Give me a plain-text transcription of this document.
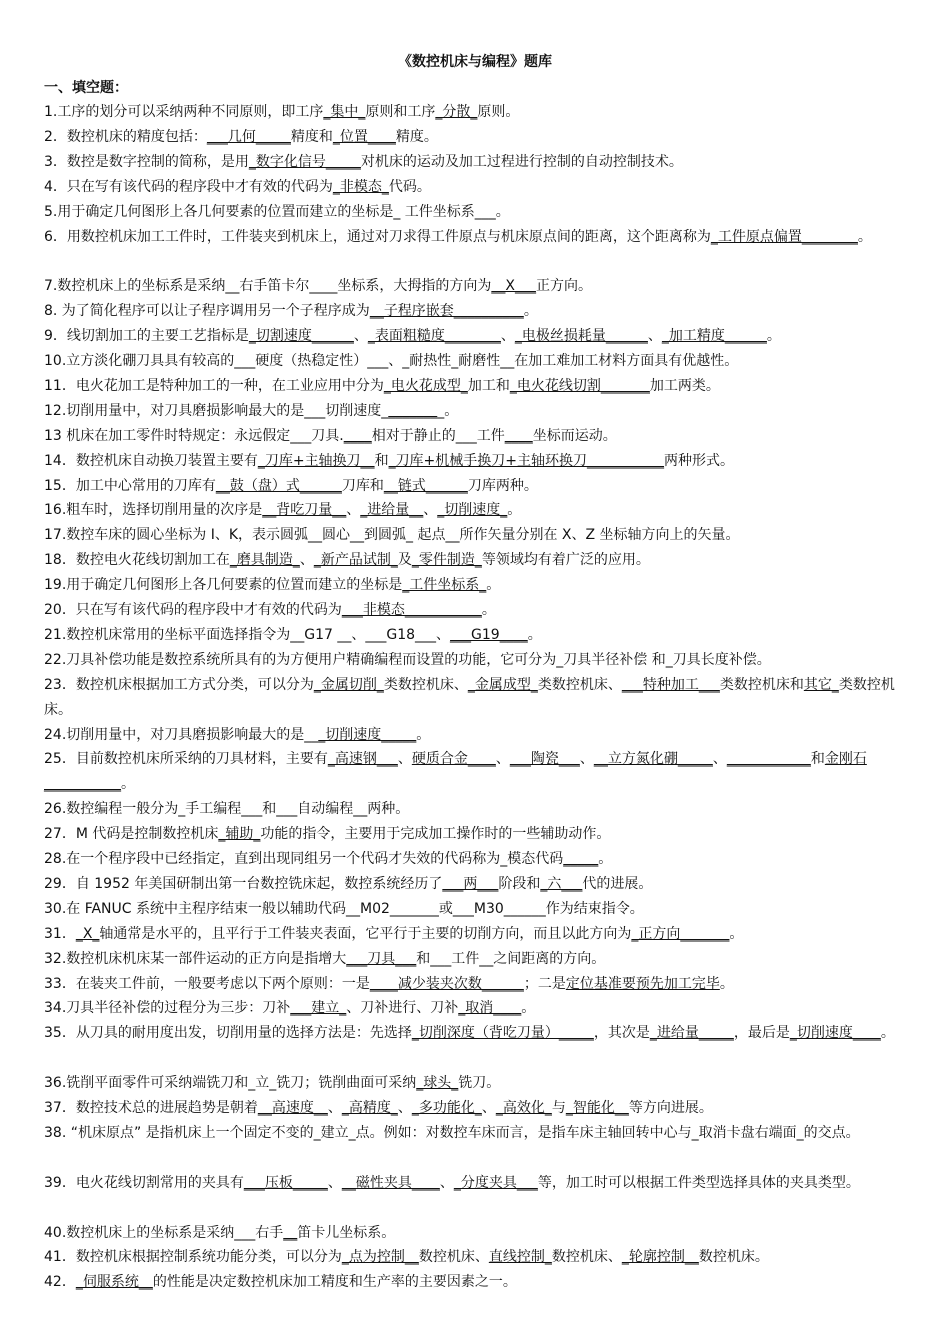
《数控机床与编程》题库
一、填空题：
1.工序的划分可以采纳两种不同原则，即工序_集中_原则和工序_分散_原则。
2．数控机床的精度包括：___几何_____精度和_位置____精度。
3．数控是数字控制的简称，是用_数字化信号_____对机床的运动及加工过程进行控制的自动控制技术。
4．只在写有该代码的程序段中才有效的代码为_非模态_代码。
5.用于确定几何图形上各几何要素的位置而建立的坐标是_ 工件坐标系___。
6．用数控机床加工工件时，工件装夹到机床上，通过对刀求得工件原点与机床原点间的距离，这个距离称为_工件原点偏置________。
7.数控机床上的坐标系是采纳__右手笛卡尔____坐标系，大拇指的方向为__X___正方向。
8. 为了简化程序可以让子程序调用另一个子程序成为__子程序嵌套__________。
9．线切割加工的主要工艺指标是_切割速度______、_表面粗糙度________、_电极丝损耗量______、_加工精度______。
10.立方淡化硼刀具具有较高的___硬度（热稳定性）___、_耐热性_耐磨性__在加工难加工材料方面具有优越性。
11．电火花加工是特种加工的一种，在工业应用中分为_电火花成型_加工和_电火花线切割_______加工两类。
12.切削用量中，对刀具磨损影响最大的是___切削速度_________。
13 机床在加工零件时特规定：永远假定___刀具.____相对于静止的___工件____坐标而运动。
14．数控机床自动换刀装置主要有_刀库+主轴换刀__和_刀库+机械手换刀+主轴环换刀___________两种形式。
15．加工中心常用的刀库有__鼓（盘）式______刀库和__链式______刀库两种。
16.粗车时，选择切削用量的次序是__背吃刀量__、_进给量__、_切削速度_。
17.数控车床的圆心坐标为 I、K，表示圆弧__圆心__到圆弧_ 起点__所作矢量分别在 X、Z 坐标轴方向上的矢量。
18．数控电火花线切割加工在_磨具制造_、_新产品试制_及_零件制造_等领域均有着广泛的应用。
19.用于确定几何图形上各几何要素的位置而建立的坐标是_工件坐标系_。
20．只在写有该代码的程序段中才有效的代码为___非模态___________。
21.数控机床常用的坐标平面选择指令为__G17 __、___G18___、___G19____。
22.刀具补偿功能是数控系统所具有的为方便用户精确编程而设置的功能，它可分为_刀具半径补偿 和_刀具长度补偿。
23．数控机床根据加工方式分类，可以分为_金属切削_类数控机床、_金属成型_类数控机床、___特种加工___类数控机床和其它_类数控机床。
24.切削用量中，对刀具磨损影响最大的是___切削速度_____。
25．目前数控机床所采纳的刀具材料，主要有_高速钢___、硬质合金____、___陶瓷___、__立方氮化硼_____、____________和金刚石___________。
26.数控编程一般分为_手工编程___和___自动编程__两种。
27．M 代码是控制数控机床_辅助_功能的指令，主要用于完成加工操作时的一些辅助动作。
28.在一个程序段中已经指定，直到出现同组另一个代码才失效的代码称为_模态代码_____。
29．自 1952 年美国研制出第一台数控铣床起，数控系统经历了___两___阶段和_六___代的进展。
30.在 FANUC 系统中主程序结束一般以辅助代码__M02_______或___M30______作为结束指令。
31．_X_轴通常是水平的，且平行于工件装夹表面，它平行于主要的切削方向，而且以此方向为_正方向_______。
32.数控机床机床某一部件运动的正方向是指增大___刀具___和___工件__之间距离的方向。
33．在装夹工件前，一般要考虑以下两个原则：一是____减少装夹次数______；二是定位基准要预先加工完毕。
34.刀具半径补偿的过程分为三步：刀补___建立_、刀补进行、刀补_取消____。
35．从刀具的耐用度出发，切削用量的选择方法是：先选择_切削深度（背吃刀量）_____，其次是_进给量_____，最后是_切削速度____。
36.铣削平面零件可采纳端铣刀和_立_铣刀；铣削曲面可采纳_球头_铣刀。
37．数控技术总的进展趋势是朝着__高速度__、_高精度_、_多功能化_、_高效化_与_智能化__等方向进展。
38. “机床原点” 是指机床上一个固定不变的_建立_点。例如：对数控车床而言，是指车床主轴回转中心与_取消卡盘右端面_的交点。
39．电火花线切割常用的夹具有___压板_____、__磁性夹具____、_分度夹具___等，加工时可以根据工件类型选择具体的夹具类型。
40.数控机床上的坐标系是采纳___右手__笛卡儿坐标系。
41．数控机床根据控制系统功能分类，可以分为_点为控制__数控机床、直线控制_数控机床、_轮廓控制__数控机床。
42．_伺服系统__的性能是决定数控机床加工精度和生产率的主要因素之一。
